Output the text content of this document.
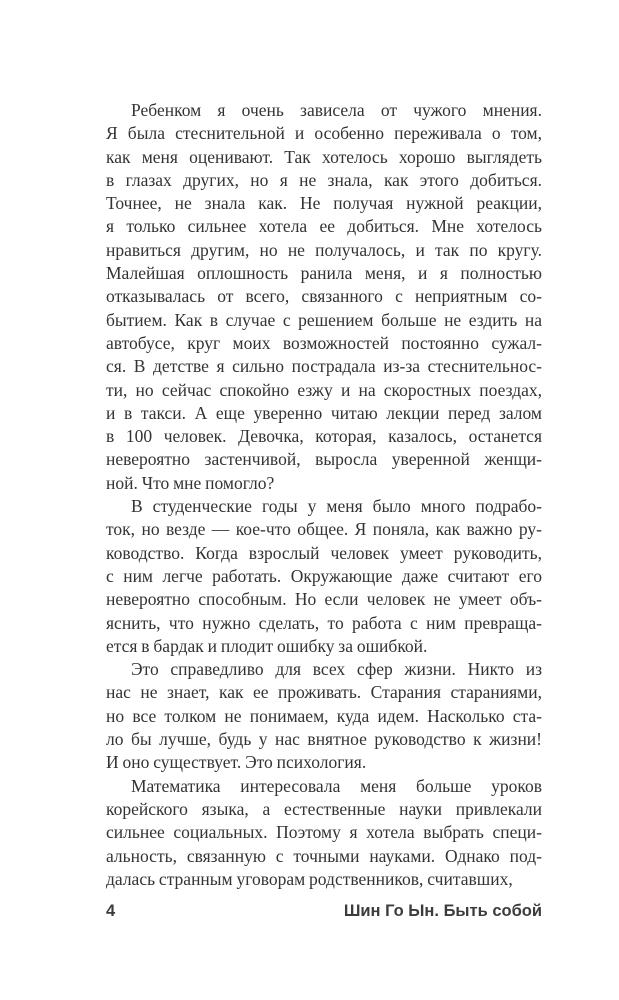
Ребенком я очень зависела от чужого мнения.
Я была стеснительной и особенно переживала о том,
как меня оценивают. Так хотелось хорошо выглядеть
в глазах других, но я не знала, как этого добиться.
Точнее, не знала как. Не получая нужной реакции,
я только сильнее хотела ее добиться. Мне хотелось
нравиться другим, но не получалось, и так по кругу.
Малейшая оплошность ранила меня, и я полностью
отказывалась от всего, связанного с неприятным со-
бытием. Как в случае с решением больше не ездить на
автобусе, круг моих возможностей постоянно сужал-
ся. В детстве я сильно пострадала из-за стеснительнос-
ти, но сейчас спокойно езжу и на скоростных поездах,
и в такси. А еще уверенно читаю лекции перед залом
в 100 человек. Девочка, которая, казалось, останется
невероятно застенчивой, выросла уверенной женщи-
ной. Что мне помогло?
В студенческие годы у меня было много подрабо-
ток, но везде — кое-что общее. Я поняла, как важно ру-
ководство. Когда взрослый человек умеет руководить,
с ним легче работать. Окружающие даже считают его
невероятно способным. Но если человек не умеет объ-
яснить, что нужно сделать, то работа с ним превраща-
ется в бардак и плодит ошибку за ошибкой.
Это справедливо для всех сфер жизни. Никто из
нас не знает, как ее проживать. Старания стараниями,
но все толком не понимаем, куда идем. Насколько ста-
ло бы лучше, будь у нас внятное руководство к жизни!
И оно существует. Это психология.
Математика интересовала меня больше уроков
корейского языка, а естественные науки привлекали
сильнее социальных. Поэтому я хотела выбрать специ-
альность, связанную с точными науками. Однако под-
далась странным уговорам родственников, считавших,
4	Шин Го Ын. Быть собой
